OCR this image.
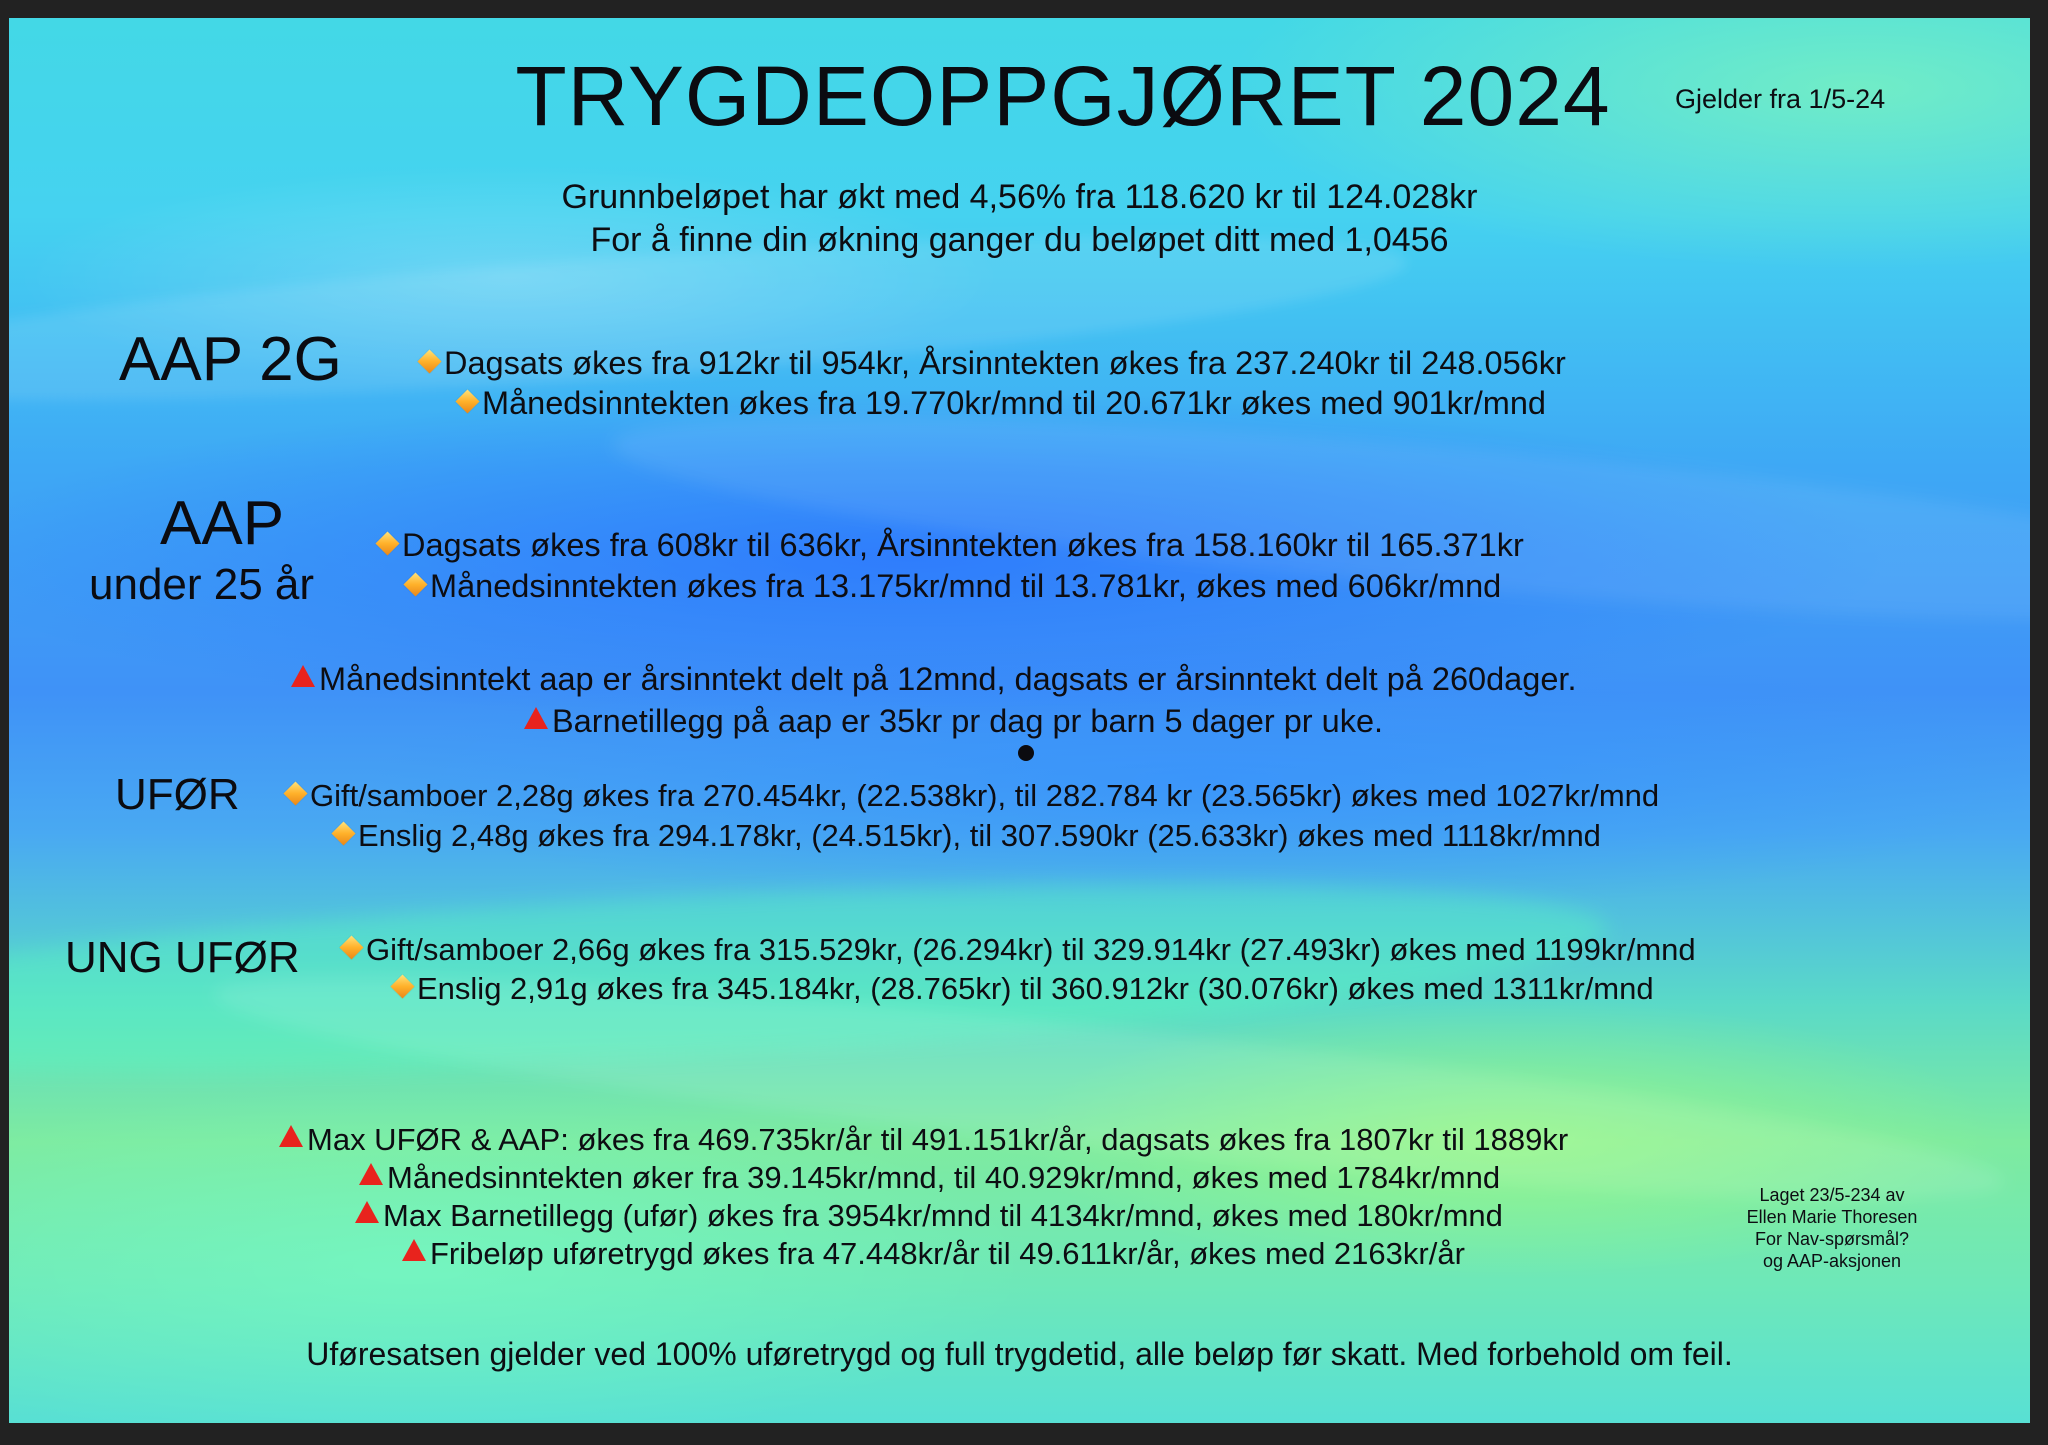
TRYGDEOPPGJØRET 2024	Gjelder fra 1/5-24
Grunnbeløpet har økt med 4,56% fra 118.620 kr til 124.028kr
For å finne din økning ganger du beløpet ditt med 1,0456
AAP 2G	Dagsats økes fra 912kr til 954kr, Årsinntekten økes fra 237.240kr til 248.056kr
Månedsinntekten økes fra 19.770kr/mnd til 20.671kr økes med 901kr/mnd
AAP
under 25 år
Dagsats økes fra 608kr til 636kr, Årsinntekten økes fra 158.160kr til 165.371kr
Månedsinntekten økes fra 13.175kr/mnd til 13.781kr, økes med 606kr/mnd
Månedsinntekt aap er årsinntekt delt på 12mnd, dagsats er årsinntekt delt på 260dager.
Barnetillegg på aap er 35kr pr dag pr barn 5 dager pr uke.
UFØR	Gift/samboer 2,28g økes fra 270.454kr, (22.538kr), til 282.784 kr (23.565kr) økes med 1027kr/mnd
Enslig 2,48g økes fra 294.178kr, (24.515kr), til 307.590kr (25.633kr) økes med 1118kr/mnd
UNG UFØR	Gift/samboer 2,66g økes fra 315.529kr, (26.294kr) til 329.914kr (27.493kr) økes med 1199kr/mnd
Enslig 2,91g økes fra 345.184kr, (28.765kr) til 360.912kr (30.076kr) økes med 1311kr/mnd
Max UFØR & AAP: økes fra 469.735kr/år til 491.151kr/år, dagsats økes fra 1807kr til 1889kr
Månedsinntekten øker fra 39.145kr/mnd, til 40.929kr/mnd, økes med 1784kr/mnd
Max Barnetillegg (ufør) økes fra 3954kr/mnd til 4134kr/mnd, økes med 180kr/mnd
Fribeløp uføretrygd økes fra 47.448kr/år til 49.611kr/år, økes med 2163kr/år
Laget 23/5-234 av
Ellen Marie Thoresen
For Nav-spørsmål?
og AAP-aksjonen
Uføresatsen gjelder ved 100% uføretrygd og full trygdetid, alle beløp før skatt. Med forbehold om feil.
